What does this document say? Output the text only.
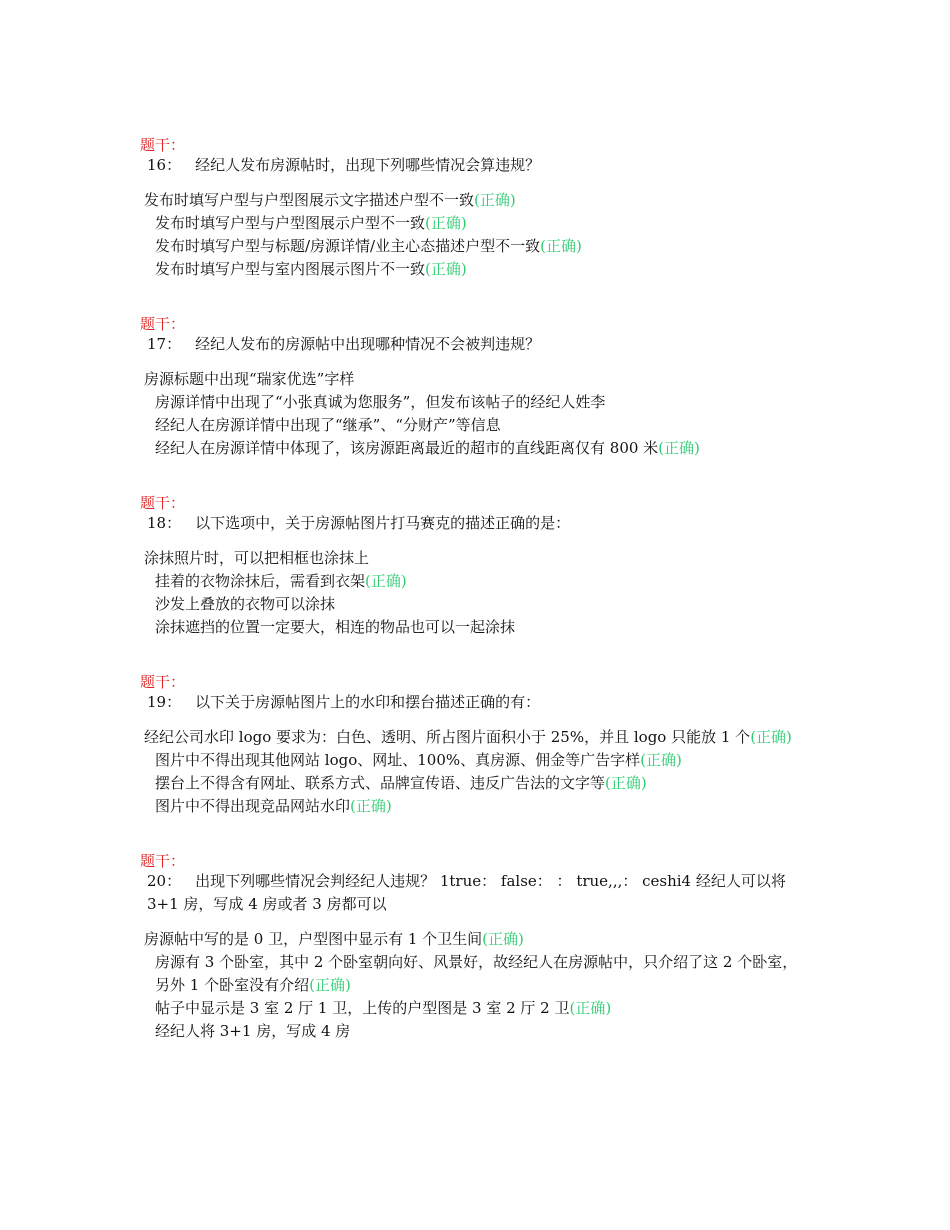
题干：
16： 经纪人发布房源帖时，出现下列哪些情况会算违规？
发布时填写户型与户型图展示文字描述户型不一致(正确)
发布时填写户型与户型图展示户型不一致(正确)
发布时填写户型与标题/房源详情/业主心态描述户型不一致(正确)
发布时填写户型与室内图展示图片不一致(正确)
题干：
17： 经纪人发布的房源帖中出现哪种情况不会被判违规？
房源标题中出现“瑞家优选”字样
房源详情中出现了“小张真诚为您服务”，但发布该帖子的经纪人姓李
经纪人在房源详情中出现了“继承”、“分财产”等信息
经纪人在房源详情中体现了，该房源距离最近的超市的直线距离仅有 800 米(正确)
题干：
18： 以下选项中，关于房源帖图片打马赛克的描述正确的是：
涂抹照片时，可以把相框也涂抹上
挂着的衣物涂抹后，需看到衣架(正确)
沙发上叠放的衣物可以涂抹
涂抹遮挡的位置一定要大，相连的物品也可以一起涂抹
题干：
19： 以下关于房源帖图片上的水印和摆台描述正确的有：
经纪公司水印 logo 要求为：白色、透明、所占图片面积小于 25%，并且 logo 只能放 1 个(正确)
图片中不得出现其他网站 logo、网址、100%、真房源、佣金等广告字样(正确)
摆台上不得含有网址、联系方式、品牌宣传语、违反广告法的文字等(正确)
图片中不得出现竞品网站水印(正确)
题干：
20： 出现下列哪些情况会判经纪人违规？ 1true： false： ： true,,,： ceshi4 经纪人可以将 3+1 房，写成 4 房或者 3 房都可以
房源帖中写的是 0 卫，户型图中显示有 1 个卫生间(正确)
房源有 3 个卧室，其中 2 个卧室朝向好、风景好，故经纪人在房源帖中，只介绍了这 2 个卧室，另外 1 个卧室没有介绍(正确)
帖子中显示是 3 室 2 厅 1 卫，上传的户型图是 3 室 2 厅 2 卫(正确)
经纪人将 3+1 房，写成 4 房
